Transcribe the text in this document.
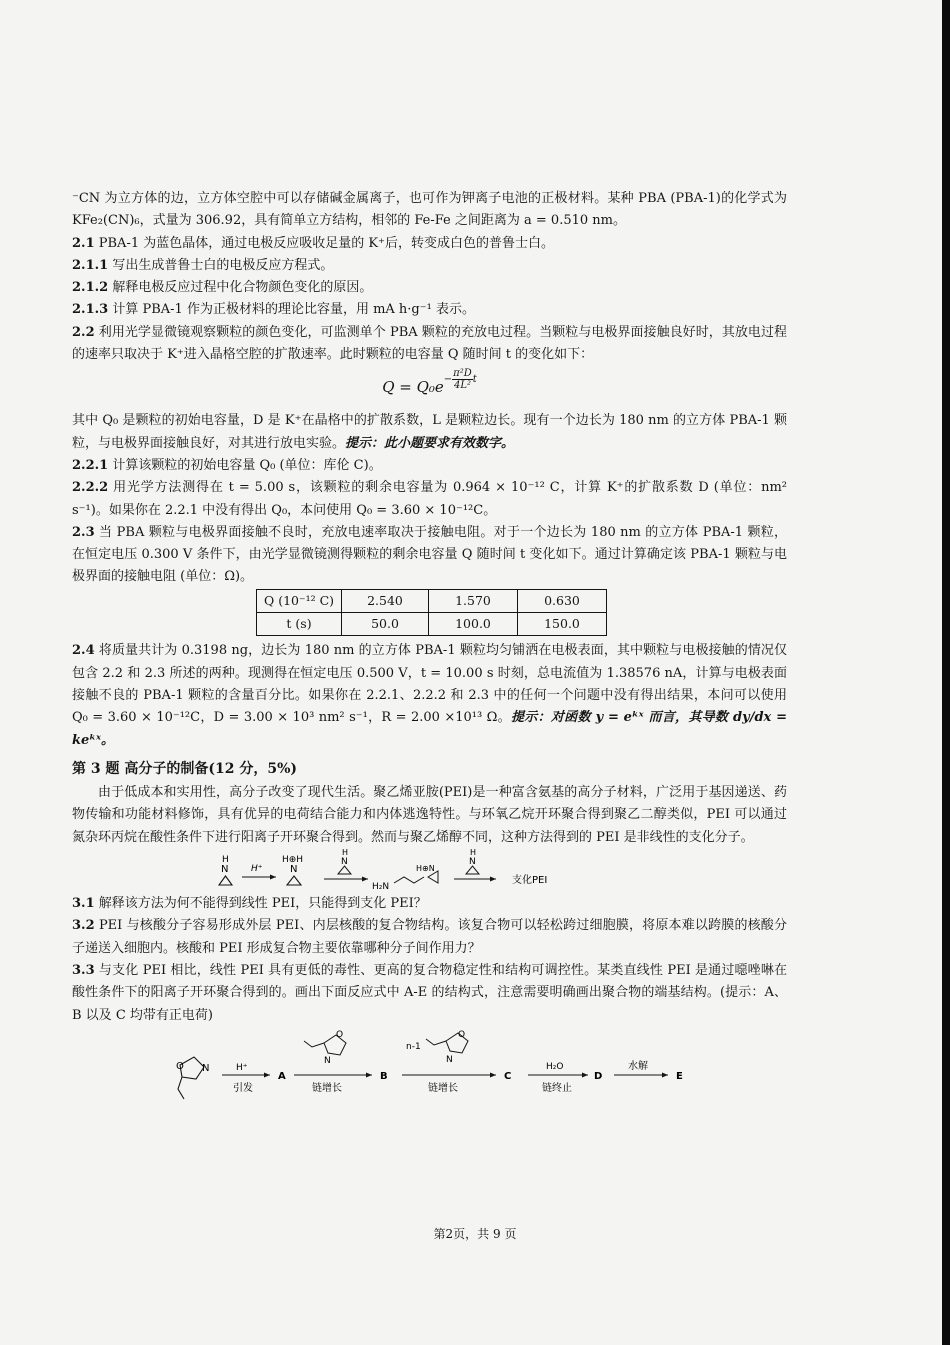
⁻CN 为立方体的边，立方体空腔中可以存储碱金属离子，也可作为钾离子电池的正极材料。某种 PBA (PBA-1)的化学式为 KFe₂(CN)₆，式量为 306.92，具有简单立方结构，相邻的 Fe-Fe 之间距离为 a = 0.510 nm。

2.1 PBA-1 为蓝色晶体，通过电极反应吸收足量的 K⁺后，转变成白色的普鲁士白。

2.1.1 写出生成普鲁士白的电极反应方程式。

2.1.2 解释电极反应过程中化合物颜色变化的原因。

2.1.3 计算 PBA-1 作为正极材料的理论比容量，用 mA h·g⁻¹ 表示。

2.2 利用光学显微镜观察颗粒的颜色变化，可监测单个 PBA 颗粒的充放电过程。当颗粒与电极界面接触良好时，其放电过程的速率只取决于 K⁺进入晶格空腔的扩散速率。此时颗粒的电容量 Q 随时间 t 的变化如下：

$Q = Q_0e- \frac{\text{π²D}}{\text{4L²}}$ t

其中 Q₀ 是颗粒的初始电容量，D 是 K⁺在晶格中的扩散系数，L 是颗粒边长。现有一个边长为 180 nm 的立方体 PBA-1 颗粒，与电极界面接触良好，对其进行放电实验。提示：此小题要求有效数字。

2.2.1 计算该颗粒的初始电容量 Q₀ (单位：库伦 C)。

2.2.2 用光学方法测得在 t = 5.00 s，该颗粒的剩余电容量为 0.964 × 10⁻¹² C，计算 K⁺的扩散系数 D (单位：nm² s⁻¹)。如果你在 2.2.1 中没有得出 Q₀，本问使用 Q₀ = 3.60 × 10⁻¹²C。

2.3 当 PBA 颗粒与电极界面接触不良时，充放电速率取决于接触电阻。对于一个边长为 180 nm 的立方体 PBA-1 颗粒，在恒定电压 0.300 V 条件下，由光学显微镜测得颗粒的剩余电容量 Q 随时间 t 变化如下。通过计算确定该 PBA-1 颗粒与电极界面的接触电阻 (单位：Ω)。

Q (10⁻¹² C)	2.540	1.570	0.630
t (s)	50.0	100.0	150.0

2.4 将质量共计为 0.3198 ng，边长为 180 nm 的立方体 PBA-1 颗粒均匀铺洒在电极表面，其中颗粒与电极接触的情况仅包含 2.2 和 2.3 所述的两种。现测得在恒定电压 0.500 V，t = 10.00 s 时刻，总电流值为 1.38576 nA，计算与电极表面接触不良的 PBA-1 颗粒的含量百分比。如果你在 2.2.1、2.2.2 和 2.3 中的任何一个问题中没有得出结果，本问可以使用 Q₀ = 3.60 × 10⁻¹²C，D = 3.00 × 10³ nm² s⁻¹，R = 2.00 ×10¹³ Ω。提示：对函数 y = eᵏˣ 而言，其导数 dy/dx = keᵏˣ。

第 3 题 高分子的制备(12 分，5%)

由于低成本和实用性，高分子改变了现代生活。聚乙烯亚胺(PEI)是一种富含氨基的高分子材料，广泛用于基因递送、药物传输和功能材料修饰，具有优异的电荷结合能力和内体逃逸特性。与环氧乙烷开环聚合得到聚乙二醇类似，PEI 可以通过氮杂环丙烷在酸性条件下进行阳离子开环聚合得到。然而与聚乙烯醇不同，这种方法得到的 PEI 是非线性的支化分子。

H
N	H⁺
H⊕H
N
H
N
H₂N
H⊕N
H
N
支化PEI

3.1 解释该方法为何不能得到线性 PEI，只能得到支化 PEI？

3.2 PEI 与核酸分子容易形成外层 PEI、内层核酸的复合物结构。该复合物可以轻松跨过细胞膜，将原本难以跨膜的核酸分子递送入细胞内。核酸和 PEI 形成复合物主要依靠哪种分子间作用力？

3.3 与支化 PEI 相比，线性 PEI 具有更低的毒性、更高的复合物稳定性和结构可调控性。某类直线性 PEI 是通过噁唑啉在酸性条件下的阳离子开环聚合得到的。画出下面反应式中 A-E 的结构式，注意需要明确画出聚合物的端基结构。(提示：A、B 以及 C 均带有正电荷)

O N	H⁺
引发
A
O
N
链增长
B
n-1
O
N
链增长
C
H₂O
链终止
D
水解
E
第2页，共 9 页
